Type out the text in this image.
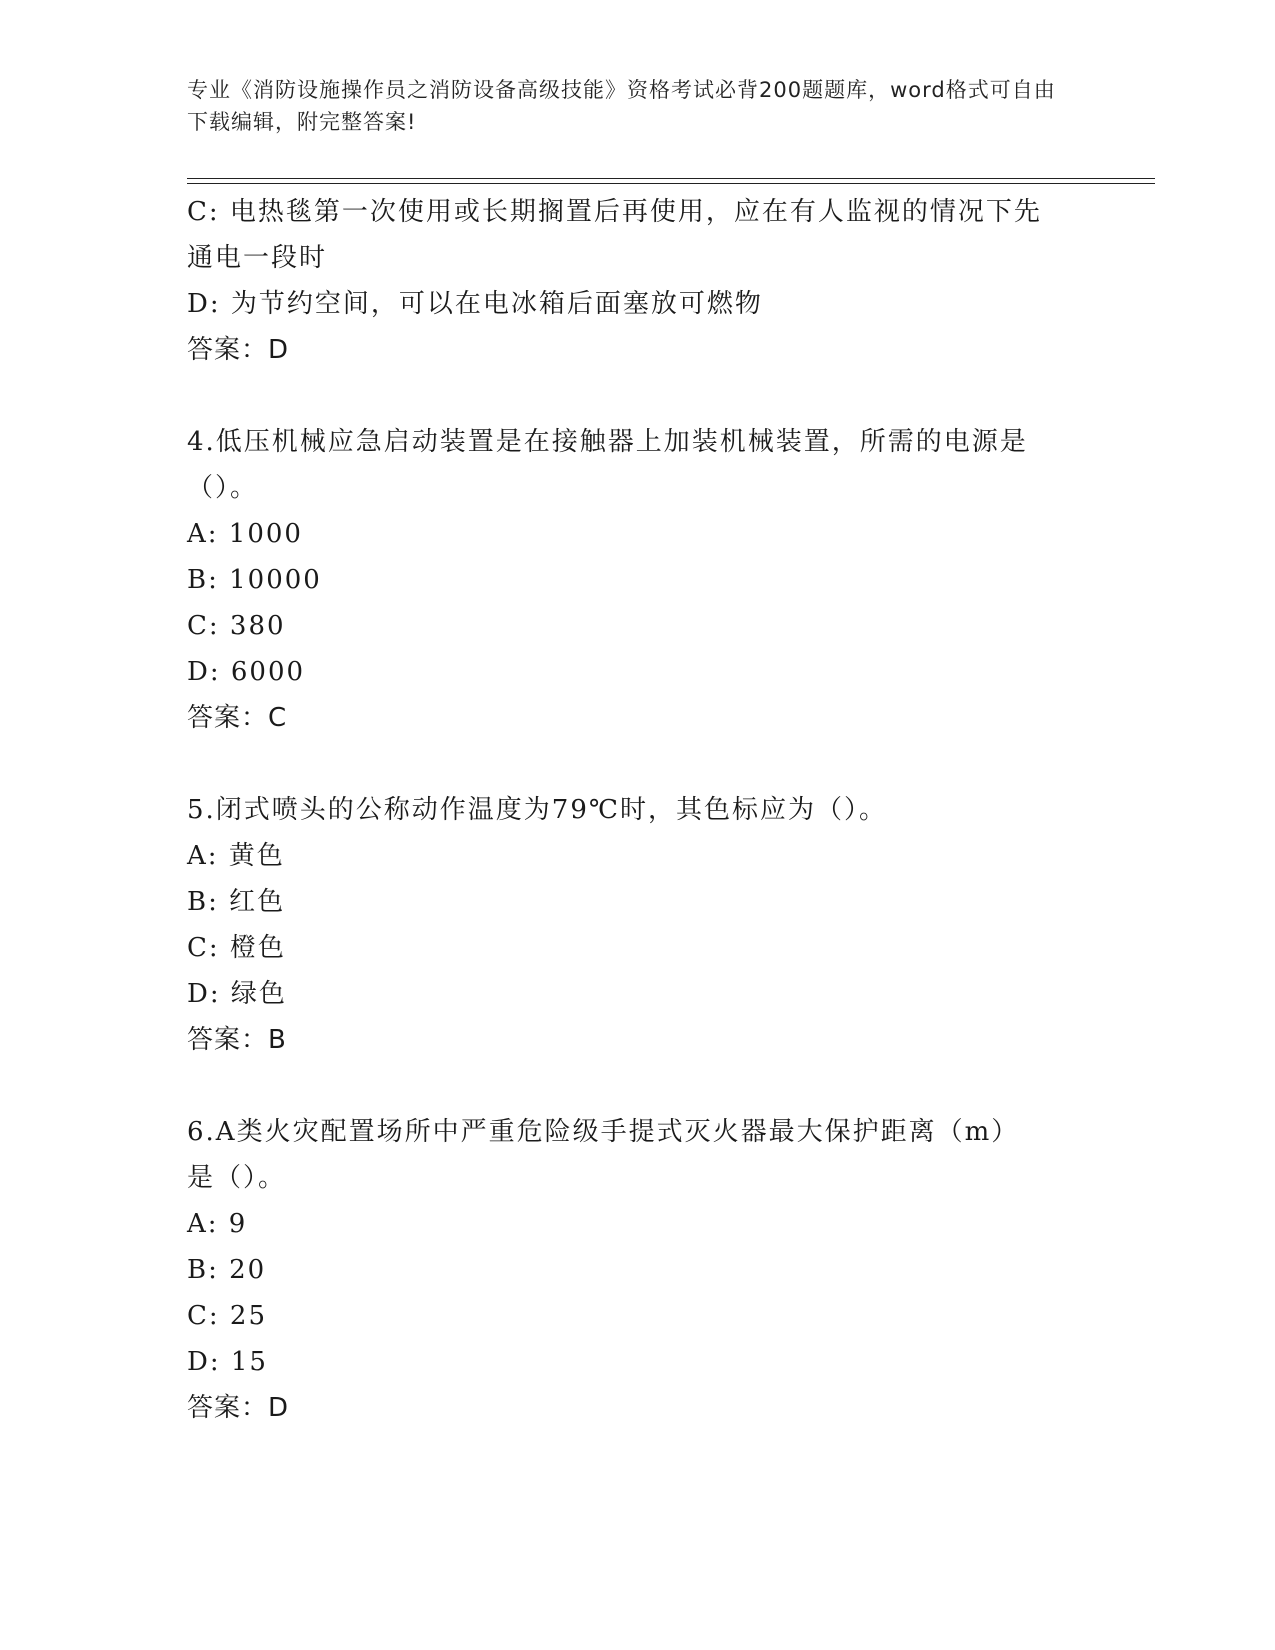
专业《消防设施操作员之消防设备高级技能》资格考试必背200题题库，word格式可自由下载编辑，附完整答案!
C: 电热毯第一次使用或长期搁置后再使用，应在有人监视的情况下先通电一段时
D: 为节约空间，可以在电冰箱后面塞放可燃物
答案：D
4.低压机械应急启动装置是在接触器上加装机械装置，所需的电源是（）。
A: 1000
B: 10000
C: 380
D: 6000
答案：C
5.闭式喷头的公称动作温度为79℃时，其色标应为（）。
A: 黄色
B: 红色
C: 橙色
D: 绿色
答案：B
6.A类火灾配置场所中严重危险级手提式灭火器最大保护距离（m）是（）。
A: 9
B: 20
C: 25
D: 15
答案：D
